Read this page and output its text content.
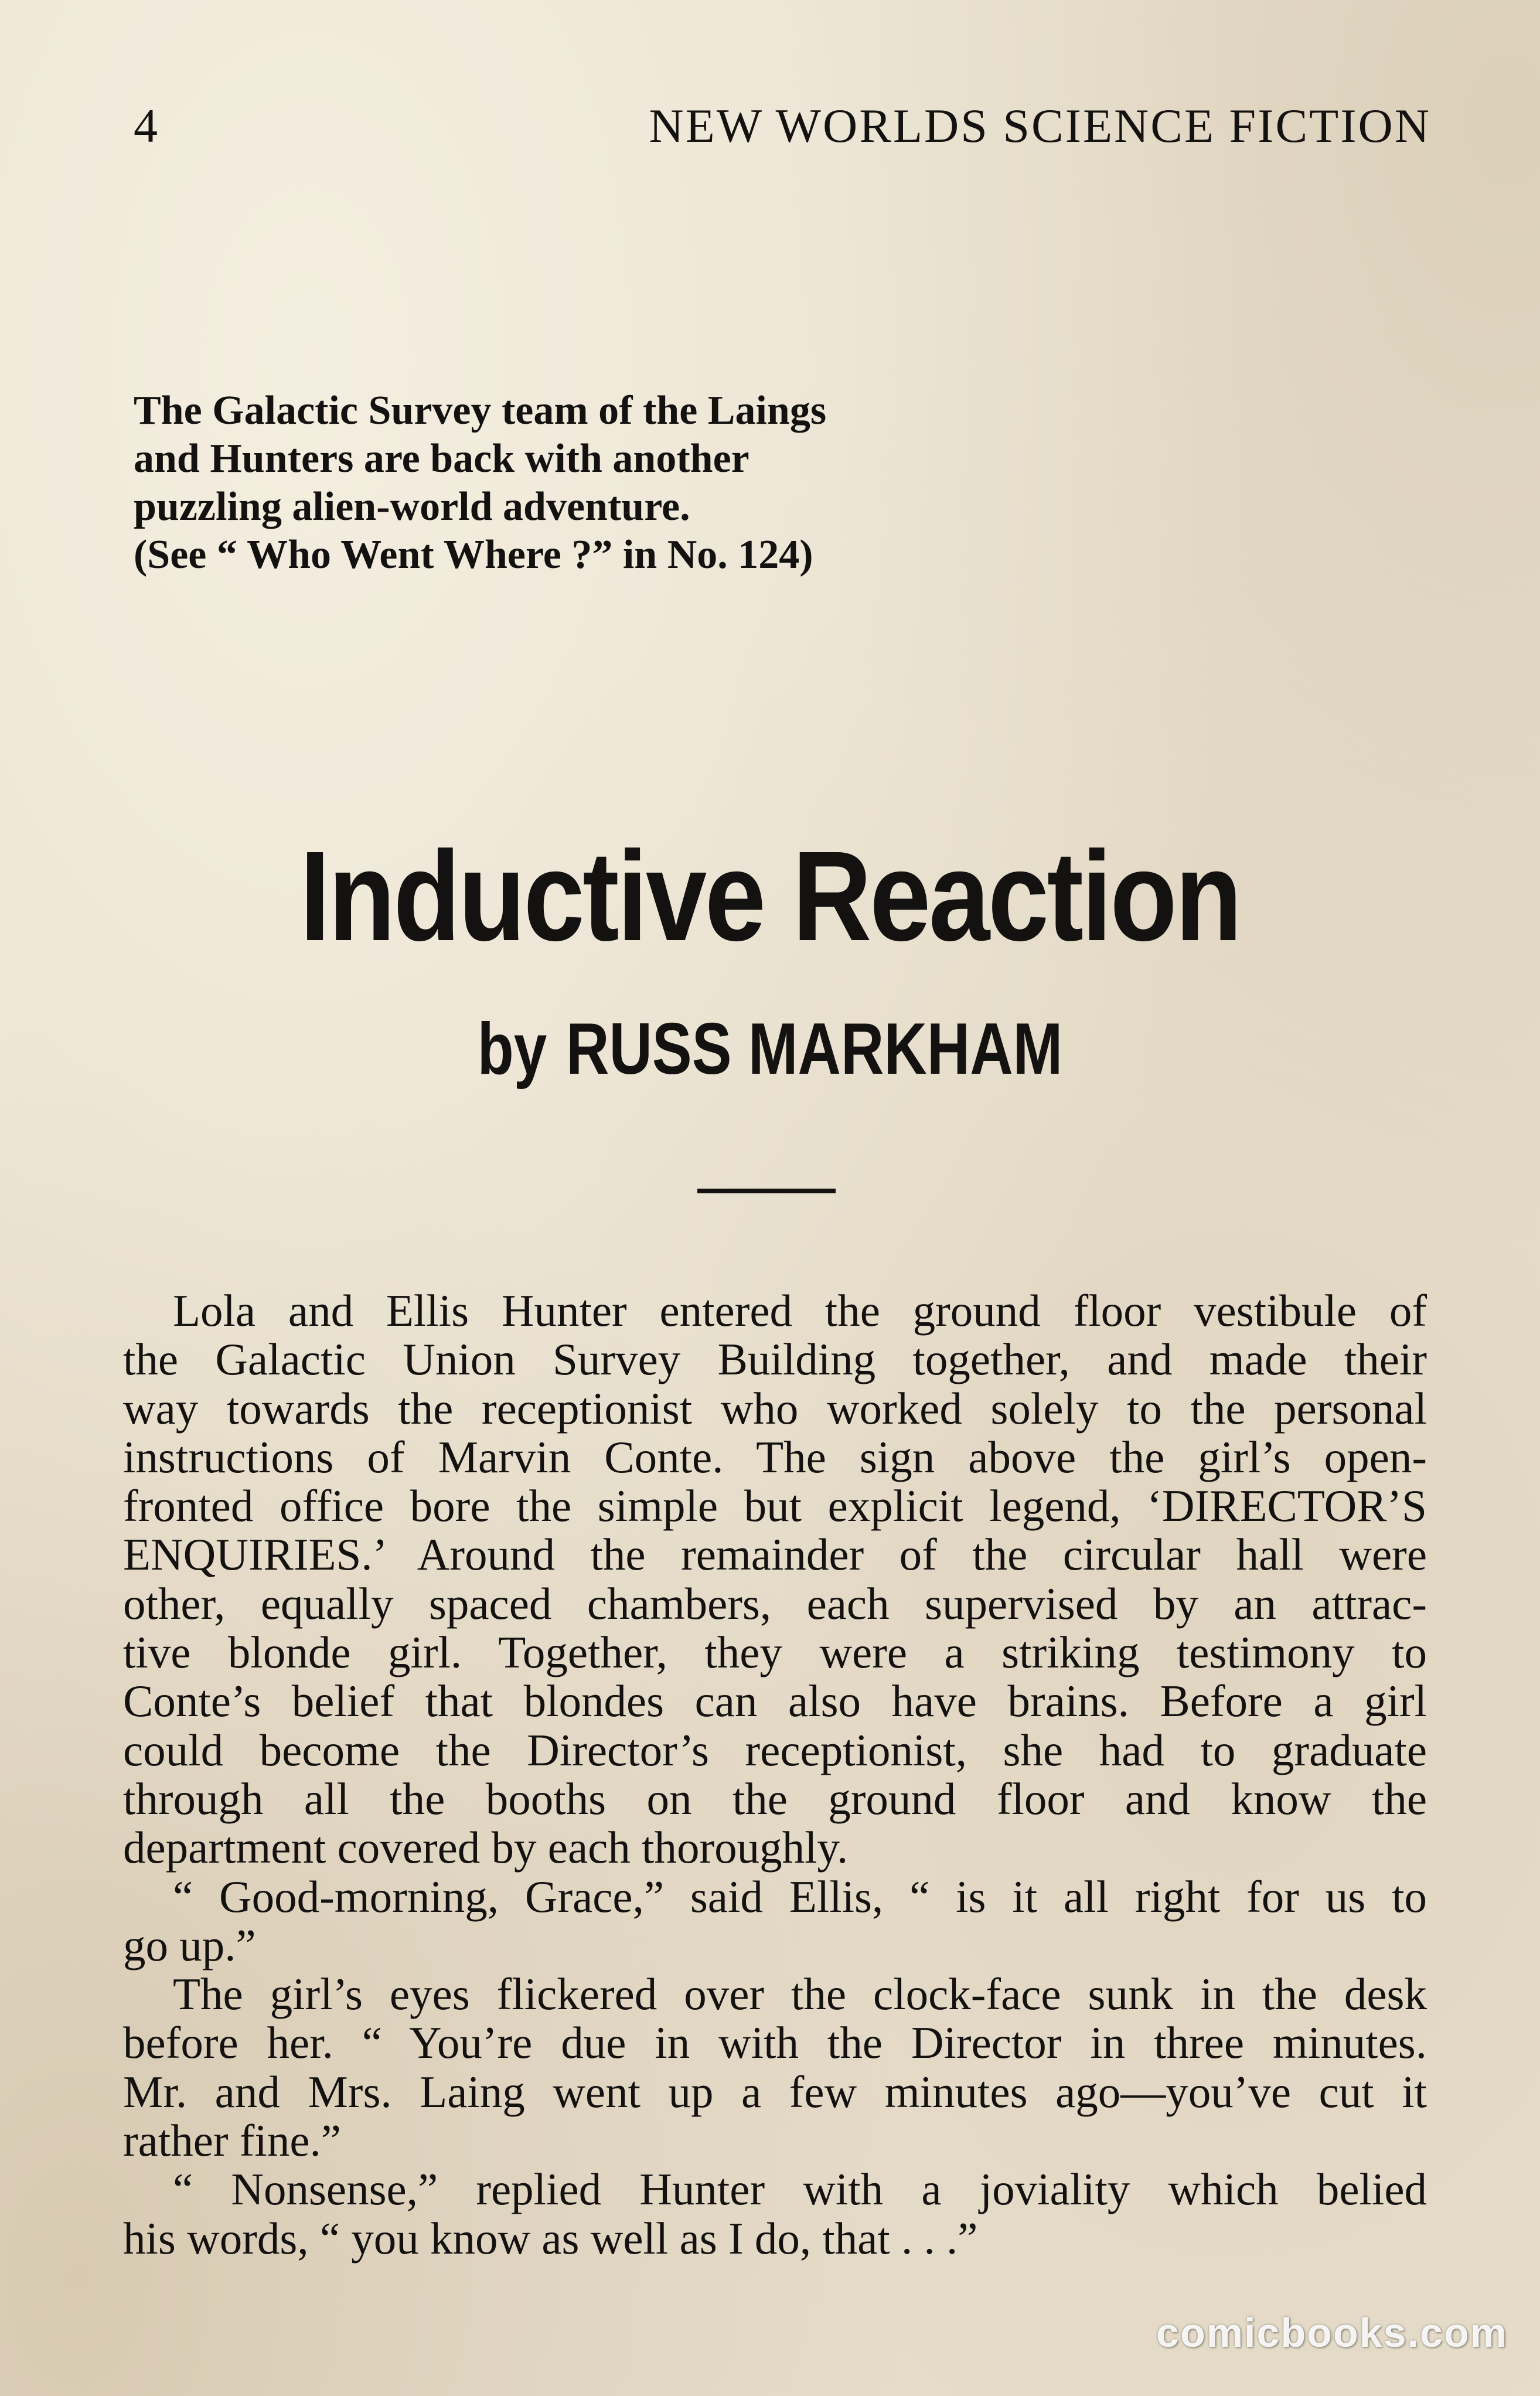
4	NEW WORLDS SCIENCE FICTION
The Galactic Survey team of the Laings
and Hunters are back with another
puzzling alien-world adventure.
(See “ Who Went Where ?” in No. 124)
Inductive Reaction
by RUSS MARKHAM
Lola and Ellis Hunter entered the ground floor vestibule of
the Galactic Union Survey Building together, and made their
way towards the receptionist who worked solely to the personal
instructions of Marvin Conte. The sign above the girl’s open-
fronted office bore the simple but explicit legend, ‘DIRECTOR’S
ENQUIRIES.’ Around the remainder of the circular hall were
other, equally spaced chambers, each supervised by an attrac-
tive blonde girl. Together, they were a striking testimony to
Conte’s belief that blondes can also have brains. Before a girl
could become the Director’s receptionist, she had to graduate
through all the booths on the ground floor and know the
department covered by each thoroughly.
“ Good-morning, Grace,” said Ellis, “ is it all right for us to
go up.”
The girl’s eyes flickered over the clock-face sunk in the desk
before her. “ You’re due in with the Director in three minutes.
Mr. and Mrs. Laing went up a few minutes ago—you’ve cut it
rather fine.”
“ Nonsense,” replied Hunter with a joviality which belied
his words, “ you know as well as I do, that . . .”
comicbooks.com
